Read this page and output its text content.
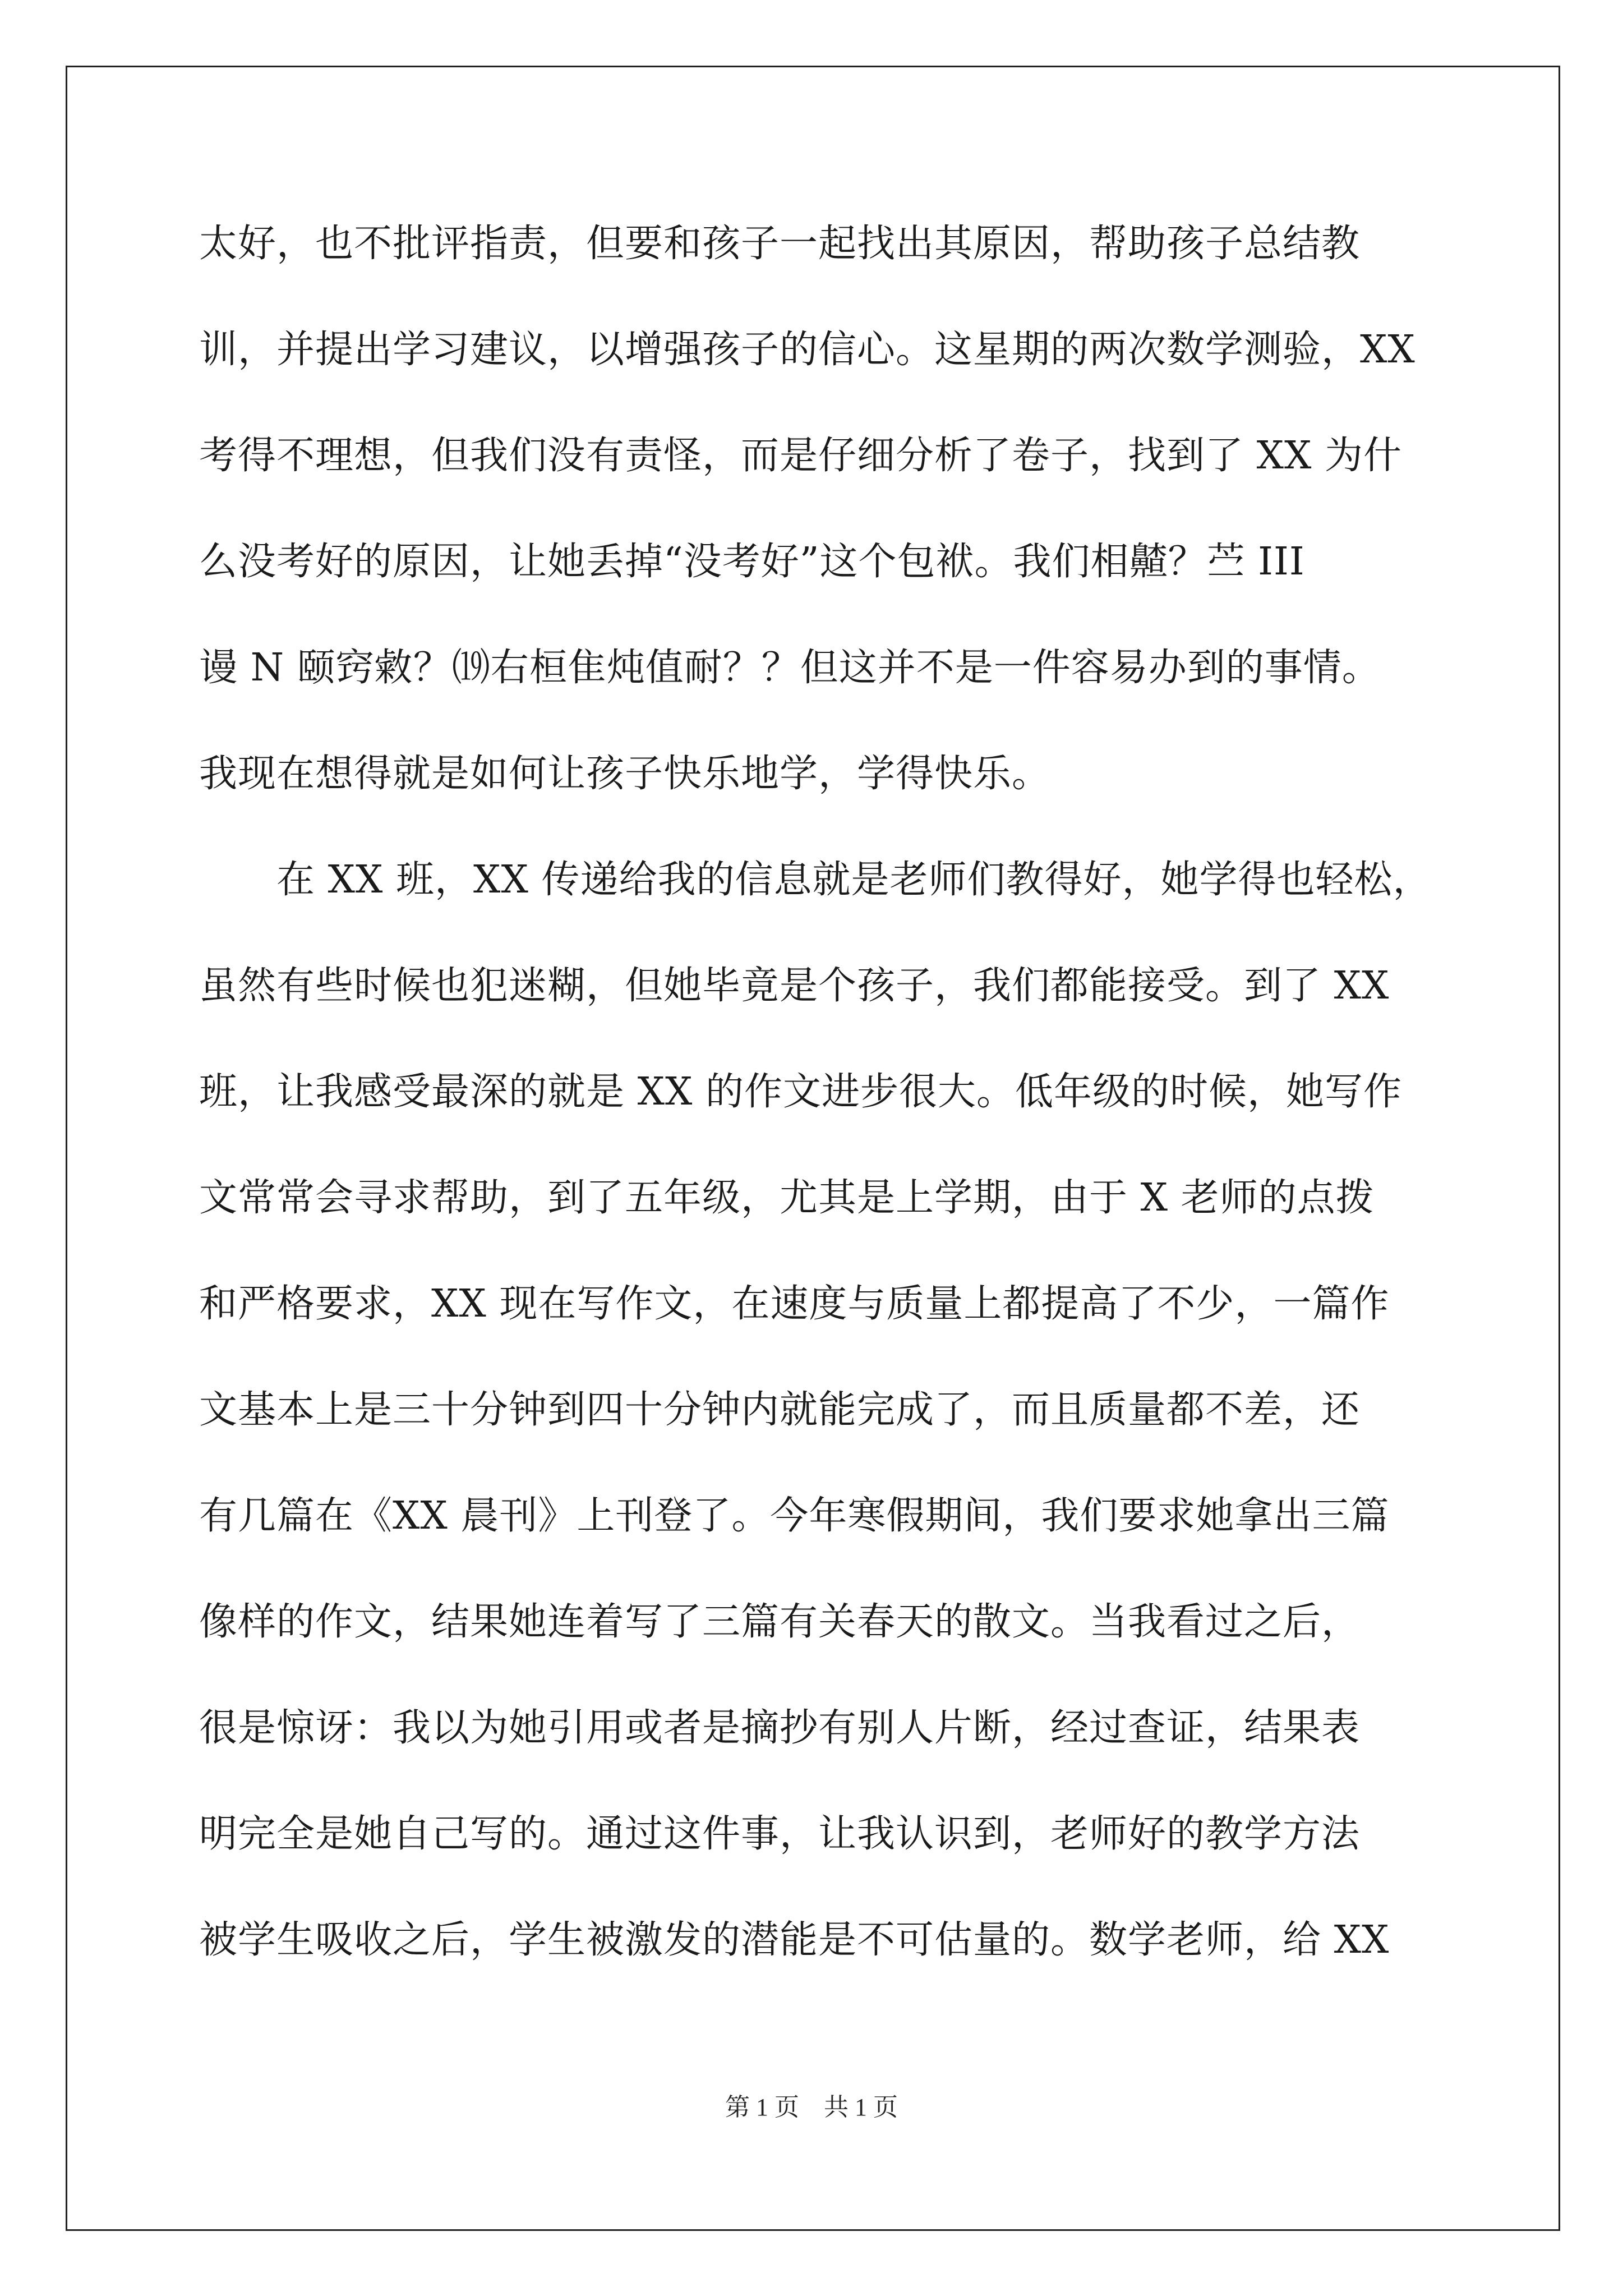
太好，也不批评指责，但要和孩子一起找出其原因，帮助孩子总结教
训，并提出学习建议，以增强孩子的信心。这星期的两次数学测验，XX
考得不理想，但我们没有责怪，而是仔细分析了卷子，找到了 XX 为什
么没考好的原因，让她丢掉“没考好”这个包袱。我们相齄？苎 III
谩 N 颐窍敹？⒆右桓隹炖值耐？？但这并不是一件容易办到的事情。
我现在想得就是如何让孩子快乐地学，学得快乐。
　　在 XX 班，XX 传递给我的信息就是老师们教得好，她学得也轻松，
虽然有些时候也犯迷糊，但她毕竟是个孩子，我们都能接受。到了 XX
班，让我感受最深的就是 XX 的作文进步很大。低年级的时候，她写作
文常常会寻求帮助，到了五年级，尤其是上学期，由于 X 老师的点拨
和严格要求，XX 现在写作文，在速度与质量上都提高了不少，一篇作
文基本上是三十分钟到四十分钟内就能完成了，而且质量都不差，还
有几篇在《XX 晨刊》上刊登了。今年寒假期间，我们要求她拿出三篇
像样的作文，结果她连着写了三篇有关春天的散文。当我看过之后，
很是惊讶：我以为她引用或者是摘抄有别人片断，经过查证，结果表
明完全是她自己写的。通过这件事，让我认识到，老师好的教学方法
被学生吸收之后，学生被激发的潜能是不可估量的。数学老师，给 XX
第 1 页　共 1 页
